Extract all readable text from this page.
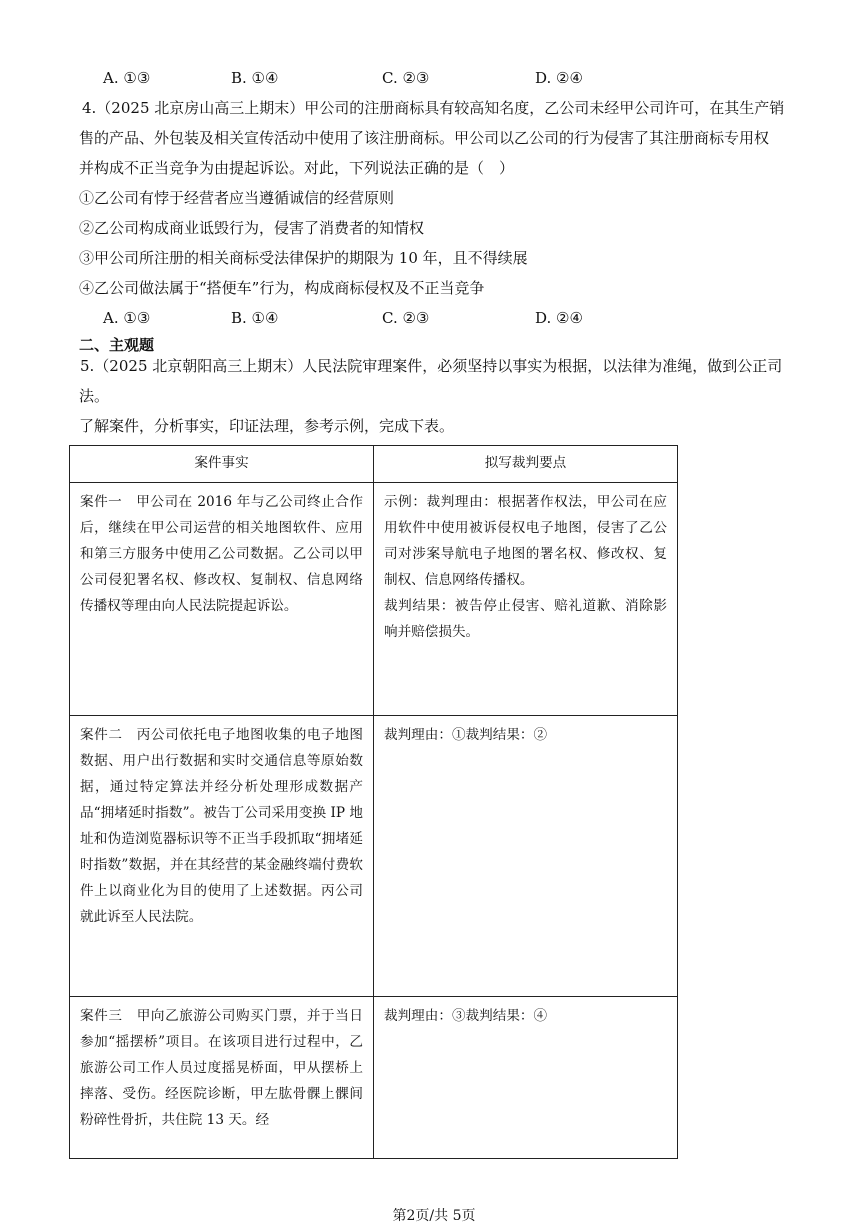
A. ①③	B. ①④	C. ②③	D. ②④
4.（2025 北京房山高三上期末）甲公司的注册商标具有较高知名度，乙公司未经甲公司许可，在其生产销
售的产品、外包装及相关宣传活动中使用了该注册商标。甲公司以乙公司的行为侵害了其注册商标专用权
并构成不正当竞争为由提起诉讼。对此，下列说法正确的是（　）
①乙公司有悖于经营者应当遵循诚信的经营原则
②乙公司构成商业诋毁行为，侵害了消费者的知情权
③甲公司所注册的相关商标受法律保护的期限为 10 年，且不得续展
④乙公司做法属于“搭便车”行为，构成商标侵权及不正当竞争
A. ①③	B. ①④	C. ②③	D. ②④
二、主观题
5.（2025 北京朝阳高三上期末）人民法院审理案件，必须坚持以事实为根据，以法律为准绳，做到公正司
法。
了解案件，分析事实，印证法理，参考示例，完成下表。
案件事实	拟写裁判要点
案件一　甲公司在 2016 年与乙公司终止合作后，继续在甲公司运营的相关地图软件、应用和第三方服务中使用乙公司数据。乙公司以甲公司侵犯署名权、修改权、复制权、信息网络传播权等理由向人民法院提起诉讼。	示例：裁判理由：根据著作权法，甲公司在应用软件中使用被诉侵权电子地图，侵害了乙公司对涉案导航电子地图的署名权、修改权、复制权、信息网络传播权。
裁判结果：被告停止侵害、赔礼道歉、消除影响并赔偿损失。

案件二　丙公司依托电子地图收集的电子地图数据、用户出行数据和实时交通信息等原始数据，通过特定算法并经分析处理形成数据产品“拥堵延时指数”。被告丁公司采用变换 IP 地址和伪造浏览器标识等不正当手段抓取“拥堵延时指数”数据，并在其经营的某金融终端付费软件上以商业化为目的使用了上述数据。丙公司就此诉至人民法院。	裁判理由：①裁判结果：②
案件三　甲向乙旅游公司购买门票，并于当日参加“摇摆桥”项目。在该项目进行过程中，乙旅游公司工作人员过度摇晃桥面，甲从摆桥上摔落、受伤。经医院诊断，甲左肱骨髁上髁间粉碎性骨折，共住院 13 天。经	裁判理由：③裁判结果：④
第2页/共 5页
